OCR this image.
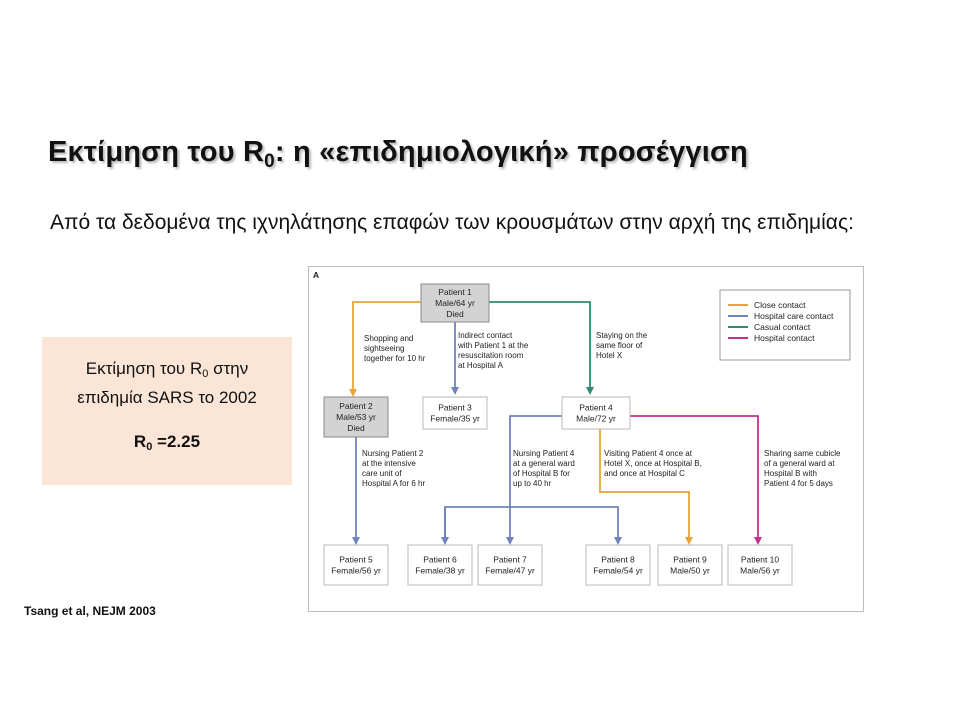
Εκτίμηση του $R_0$: η «επιδημιολογική» προσέγγιση
Από τα δεδομένα της ιχνηλάτησης επαφών των κρουσμάτων στην αρχή της επιδημίας:
Εκτίμηση του $R_0$ στην
επιδημία SARS το 2002
$R_0 =2.25$
Tsang et al, NEJM 2003
A
Shopping and
sightseeing
together for 10 hr
Indirect contact
with Patient 1 at the
resuscitation room
at Hospital A
Staying on the
same floor of
Hotel X
Nursing Patient 2
at the intensive
care unit of
Hospital A for 6 hr
Nursing Patient 4
at a general ward
of Hospital B for
up to 40 hr
Visiting Patient 4 once at
Hotel X, once at Hospital B,
and once at Hospital C
Sharing same cubicle
of a general ward at
Hospital B with
Patient 4 for 5 days
Patient 1
Male/64 yr
Died
Patient 2
Male/53 yr
Died
Patient 3
Female/35 yr
Patient 4
Male/72 yr
Patient 5
Female/56 yr
Patient 6
Female/38 yr
Patient 7
Female/47 yr
Patient 8
Female/54 yr
Patient 9
Male/50 yr
Patient 10
Male/56 yr
Close contact
Hospital care contact
Casual contact
Hospital contact
